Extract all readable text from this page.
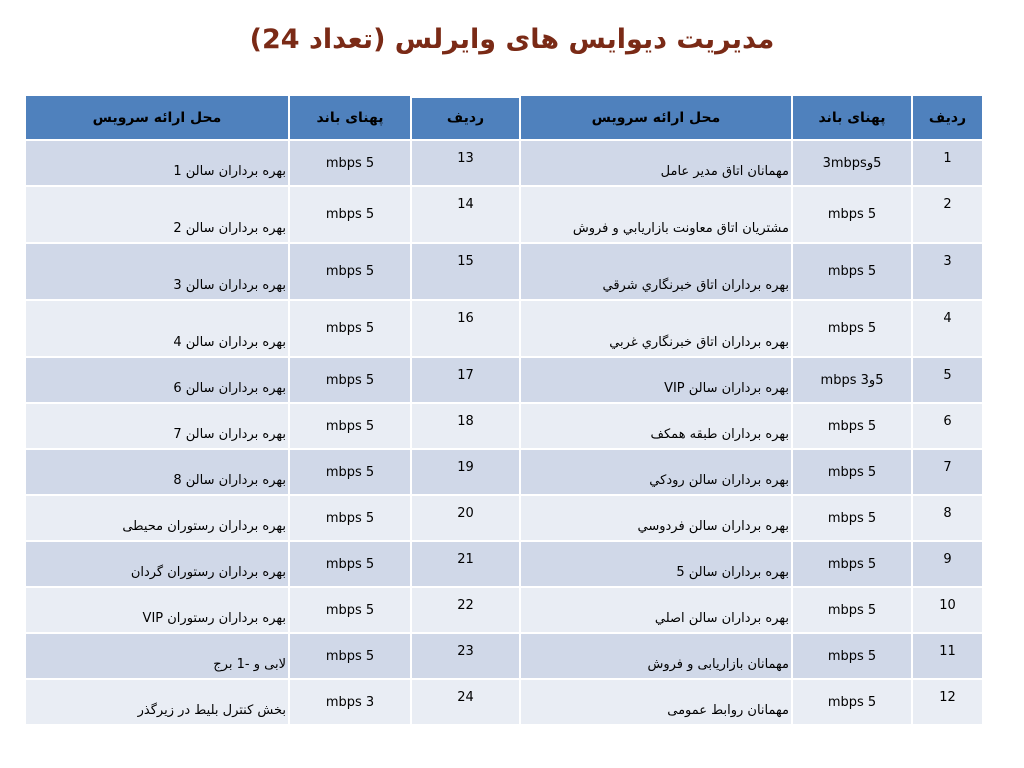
مدیریت دیوایس های وایرلس (تعداد 24)
محل ارائه سرویس	پهنای باند	ردیف	محل ارائه سرویس	پهنای باند	ردیف
بهره برداران سالن 1	5 mbps	13	مهمانان اتاق مدیر عامل	5و3mbps	1
بهره برداران سالن 2	5 mbps	14	مشتريان اتاق معاونت بازاريابي و فروش	5 mbps	2
بهره برداران سالن 3	5 mbps	15	بهره برداران اتاق خبرنگاري شرقي	5 mbps	3
بهره برداران سالن 4	5 mbps	16	بهره برداران اتاق خبرنگاري غربي	5 mbps	4
بهره برداران سالن 6	5 mbps	17	بهره برداران سالن VIP	5و3 mbps	5
بهره برداران سالن 7	5 mbps	18	بهره برداران طبقه همکف	5 mbps	6
بهره برداران سالن 8	5 mbps	19	بهره برداران سالن رودكي	5 mbps	7
بهره برداران رستوران محیطی	5 mbps	20	بهره برداران سالن فردوسي	5 mbps	8
بهره برداران رستوران گردان	5 mbps	21	بهره برداران سالن 5	5 mbps	9
بهره برداران رستوران VIP	5 mbps	22	بهره برداران سالن اصلي	5 mbps	10
لابی و -1 برج	5 mbps	23	مهمانان بازاریابی و فروش	5 mbps	11
بخش کنترل بلیط در زیرگذر	3 mbps	24	مهمانان روابط عمومی	5 mbps	12
